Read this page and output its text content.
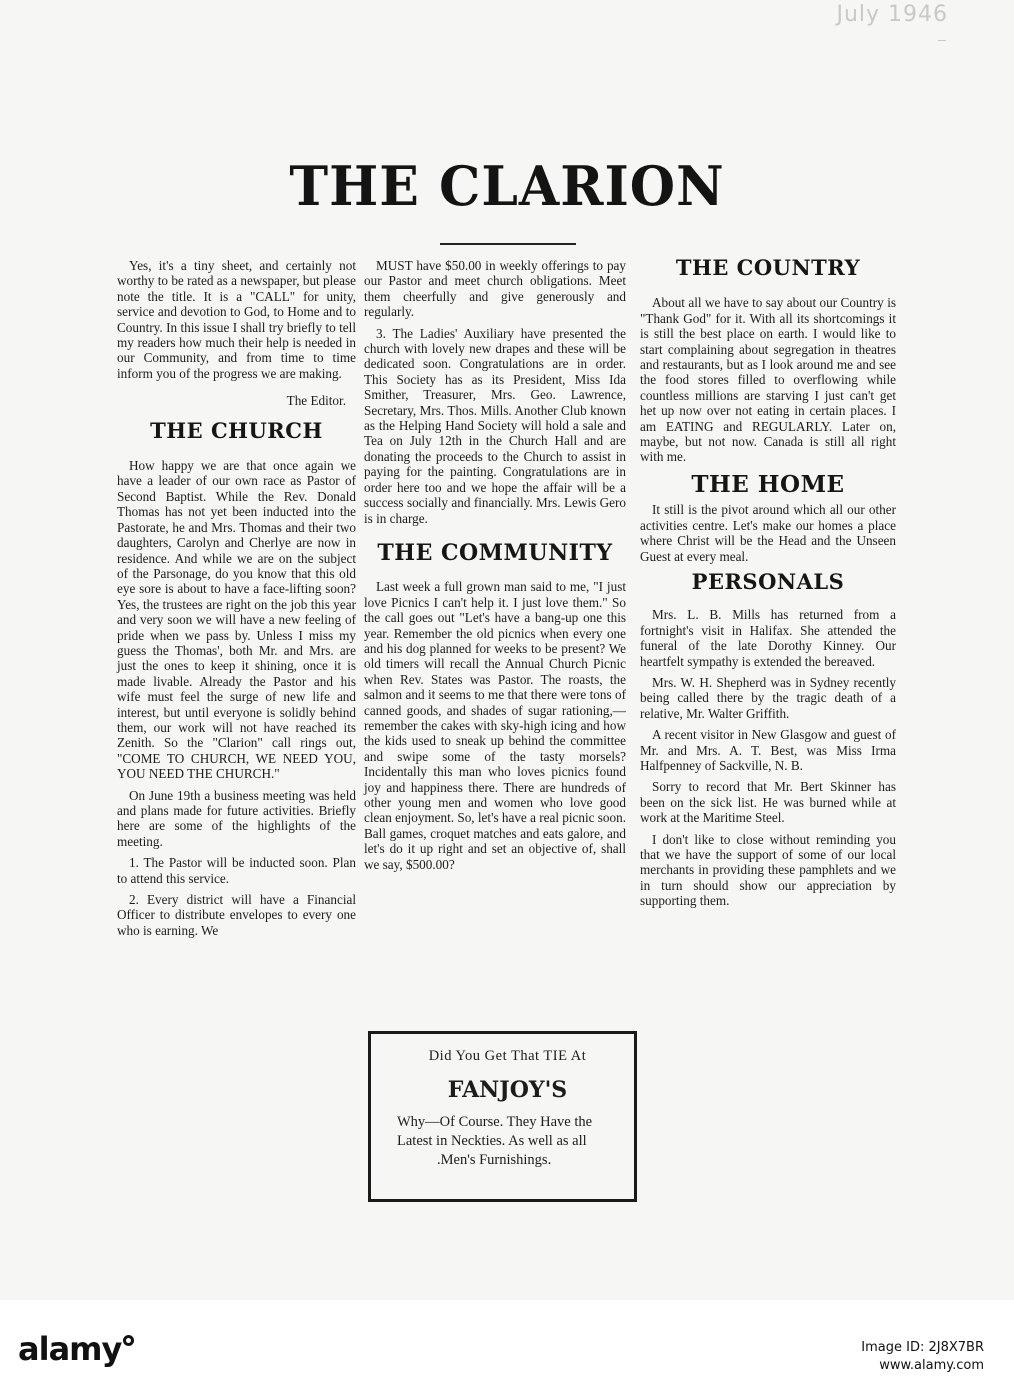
July 1946
THE CLARION

Yes, it's a tiny sheet, and certainly not worthy to be rated as a newspaper, but please note the title. It is a "CALL" for unity, service and devotion to God, to Home and to Country. In this issue I shall try briefly to tell my readers how much their help is needed in our Community, and from time to time inform you of the progress we are making.

The Editor.

THE CHURCH

How happy we are that once again we have a leader of our own race as Pastor of Second Baptist. While the Rev. Donald Thomas has not yet been inducted into the Pastorate, he and Mrs. Thomas and their two daughters, Carolyn and Cherlye are now in residence. And while we are on the subject of the Parsonage, do you know that this old eye sore is about to have a face-lifting soon? Yes, the trustees are right on the job this year and very soon we will have a new feeling of pride when we pass by. Unless I miss my guess the Thomas', both Mr. and Mrs. are just the ones to keep it shining, once it is made livable. Already the Pastor and his wife must feel the surge of new life and interest, but until everyone is solidly behind them, our work will not have reached its Zenith. So the "Clarion" call rings out, "COME TO CHURCH, WE NEED YOU, YOU NEED THE CHURCH."

On June 19th a business meeting was held and plans made for future activities. Briefly here are some of the highlights of the meeting.

1. The Pastor will be inducted soon. Plan to attend this service.

2. Every district will have a Financial Officer to distribute envelopes to every one who is earning. We

MUST have $50.00 in weekly offerings to pay our Pastor and meet church obligations. Meet them cheerfully and give generously and regularly.

3. The Ladies' Auxiliary have presented the church with lovely new drapes and these will be dedicated soon. Congratulations are in order. This Society has as its President, Miss Ida Smither, Treasurer, Mrs. Geo. Lawrence, Secretary, Mrs. Thos. Mills. Another Club known as the Helping Hand Society will hold a sale and Tea on July 12th in the Church Hall and are donating the proceeds to the Church to assist in paying for the painting. Congratulations are in order here too and we hope the affair will be a success socially and financially. Mrs. Lewis Gero is in charge.

THE COMMUNITY

Last week a full grown man said to me, "I just love Picnics I can't help it. I just love them." So the call goes out "Let's have a bang-up one this year. Remember the old picnics when every one and his dog planned for weeks to be present? We old timers will recall the Annual Church Picnic when Rev. States was Pastor. The roasts, the salmon and it seems to me that there were tons of canned goods, and shades of sugar rationing,—remember the cakes with sky-high icing and how the kids used to sneak up behind the committee and swipe some of the tasty morsels? Incidentally this man who loves picnics found joy and happiness there. There are hundreds of other young men and women who love good clean enjoyment. So, let's have a real picnic soon. Ball games, croquet matches and eats galore, and let's do it up right and set an objective of, shall we say, $500.00?

THE COUNTRY

About all we have to say about our Country is "Thank God" for it. With all its shortcomings it is still the best place on earth. I would like to start complaining about segregation in theatres and restaurants, but as I look around me and see the food stores filled to overflowing while countless millions are starving I just can't get het up now over not eating in certain places. I am EATING and REGULARLY. Later on, maybe, but not now. Canada is still all right with me.

THE HOME

It still is the pivot around which all our other activities centre. Let's make our homes a place where Christ will be the Head and the Unseen Guest at every meal.

PERSONALS

Mrs. L. B. Mills has returned from a fortnight's visit in Halifax. She attended the funeral of the late Dorothy Kinney. Our heartfelt sympathy is extended the bereaved.

Mrs. W. H. Shepherd was in Sydney recently being called there by the tragic death of a relative, Mr. Walter Griffith.

A recent visitor in New Glasgow and guest of Mr. and Mrs. A. T. Best, was Miss Irma Halfpenney of Sackville, N. B.

Sorry to record that Mr. Bert Skinner has been on the sick list. He was burned while at work at the Maritime Steel.

I don't like to close without reminding you that we have the support of some of our local merchants in providing these pamphlets and we in turn should show our appreciation by supporting them.

Did You Get That TIE At
FANJOY'S
Why—Of Course. They Have the Latest in Neckties. As well as all
.Men's Furnishings.
alamy	Image ID: 2J8X7BR
www.alamy.com
